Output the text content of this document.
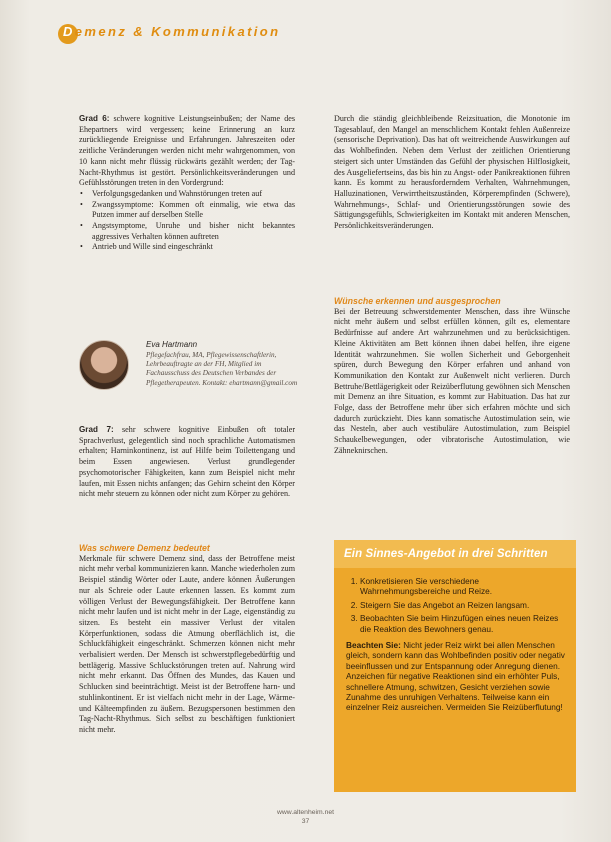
Demenz & Kommunikation

Grad 6: schwere kognitive Leistungseinbußen; der Name des Ehepartners wird vergessen; keine Erinnerung an kurz zurückliegende Ereignisse und Erfahrungen. Jahreszeiten oder zeitliche Veränderungen werden nicht mehr wahrgenommen, von 10 kann nicht mehr flüssig rückwärts gezählt werden; der Tag-Nacht-Rhythmus ist gestört. Persönlichkeitsveränderungen und Gefühlsstörungen treten in den Vordergrund:

• Verfolgungsgedanken und Wahnstörungen treten auf
• Zwangssymptome: Kommen oft einmalig, wie etwa das Putzen immer auf derselben Stelle
• Angstsymptome, Unruhe und bisher nicht bekanntes aggressives Verhalten können auftreten
• Antrieb und Wille sind eingeschränkt
Eva Hartmann
Pflegefachfrau, MA, Pflegewissenschaftlerin, Lehrbeauftragte an der FH, Mitglied im Fachausschuss des Deutschen Verbandes der Pflegetherapeuten. Kontakt: ehartmann@gmail.com

Grad 7: sehr schwere kognitive Einbußen oft totaler Sprachverlust, gelegentlich sind noch sprachliche Automatismen erhalten; Harninkontinenz, ist auf Hilfe beim Toilettengang und beim Essen angewiesen. Verlust grundlegender psychomotorischer Fähigkeiten, kann zum Beispiel nicht mehr laufen, mit Essen nichts anfangen; das Gehirn scheint den Körper nicht mehr steuern zu können oder nicht zum Körper zu gehören.

Was schwere Demenz bedeutet

Merkmale für schwere Demenz sind, dass der Betroffene meist nicht mehr verbal kommunizieren kann. Manche wiederholen zum Beispiel ständig Wörter oder Laute, andere können Äußerungen nur als Schreie oder Laute erkennen lassen. Es kommt zum völligen Verlust der Bewegungsfähigkeit. Der Betroffene kann nicht mehr laufen und ist nicht mehr in der Lage, eigenständig zu sitzen. Es besteht ein massiver Verlust der vitalen Körperfunktionen, sodass die Atmung oberflächlich ist, die Schluckfähigkeit eingeschränkt. Schmerzen können nicht mehr verbalisiert werden. Der Mensch ist schwerstpflegebedürftig und bettlägerig. Massive Schluckstörungen treten auf. Nahrung wird nicht mehr erkannt. Das Öffnen des Mundes, das Kauen und Schlucken sind beeinträchtigt. Meist ist der Betroffene harn- und stuhlinkontinent. Er ist vielfach nicht mehr in der Lage, Wärme- und Kälteempfinden zu äußern. Bezugspersonen bestimmen den Tag-Nacht-Rhythmus. Sich selbst zu beschäftigen funktioniert nicht mehr.

Durch die ständig gleichbleibende Reizsituation, die Monotonie im Tagesablauf, den Mangel an menschlichem Kontakt fehlen Außenreize (sensorische Deprivation). Das hat oft weitreichende Auswirkungen auf das Wohlbefinden. Neben dem Verlust der zeitlichen Orientierung steigert sich unter Umständen das Gefühl der physischen Hilflosigkeit, des Ausgeliefertseins, das bis hin zu Angst- oder Panikreaktionen führen kann. Es kommt zu herausforderndem Verhalten, Wahrnehmungen, Halluzinationen, Verwirrtheitszuständen, Körperempfinden (Schwere), Wahrnehmungs-, Schlaf- und Orientierungsstörungen sowie des Sättigungsgefühls, Schwierigkeiten im Kontakt mit anderen Menschen, Persönlichkeitsveränderungen.

Wünsche erkennen und ausgesprochen

Bei der Betreuung schwerstdementer Menschen, dass ihre Wünsche nicht mehr äußern und selbst erfüllen können, gilt es, elementare Bedürfnisse auf andere Art wahrzunehmen und zu berücksichtigen. Kleine Aktivitäten am Bett können ihnen dabei helfen, ihre eigene Identität wahrzunehmen. Sie wollen Sicherheit und Geborgenheit spüren, durch Bewegung den Körper erfahren und anhand von Kommunikation den Kontakt zur Außenwelt nicht verlieren. Durch Bettruhe/Bettlägerigkeit oder Reizüberflutung gewöhnen sich Menschen mit Demenz an ihre Situation, es kommt zur Habituation. Das hat zur Folge, dass der Betroffene mehr über sich erfahren möchte und sich dadurch zurückzieht. Dies kann somatische Autostimulation sein, wie das Nesteln, aber auch vestibuläre Autostimulation, zum Beispiel Schaukelbewegungen, oder vibratorische Autostimulation, wie Zähneknirschen.

Ein Sinnes-Angebot in drei Schritten
1. Konkretisieren Sie verschiedene Wahrnehmungsbereiche und Reize.
2. Steigern Sie das Angebot an Reizen langsam.
3. Beobachten Sie beim Hinzufügen eines neuen Reizes die Reaktion des Bewohners genau.

Beachten Sie: Nicht jeder Reiz wirkt bei allen Menschen gleich, sondern kann das Wohlbefinden positiv oder negativ beeinflussen und zur Entspannung oder Anregung dienen. Anzeichen für negative Reaktionen sind ein erhöhter Puls, schnellere Atmung, schwitzen, Gesicht verziehen sowie Zunahme des unruhigen Verhaltens. Teilweise kann ein einzelner Reiz ausreichen. Vermeiden Sie Reizüberflutung!

www.altenheim.net
37
